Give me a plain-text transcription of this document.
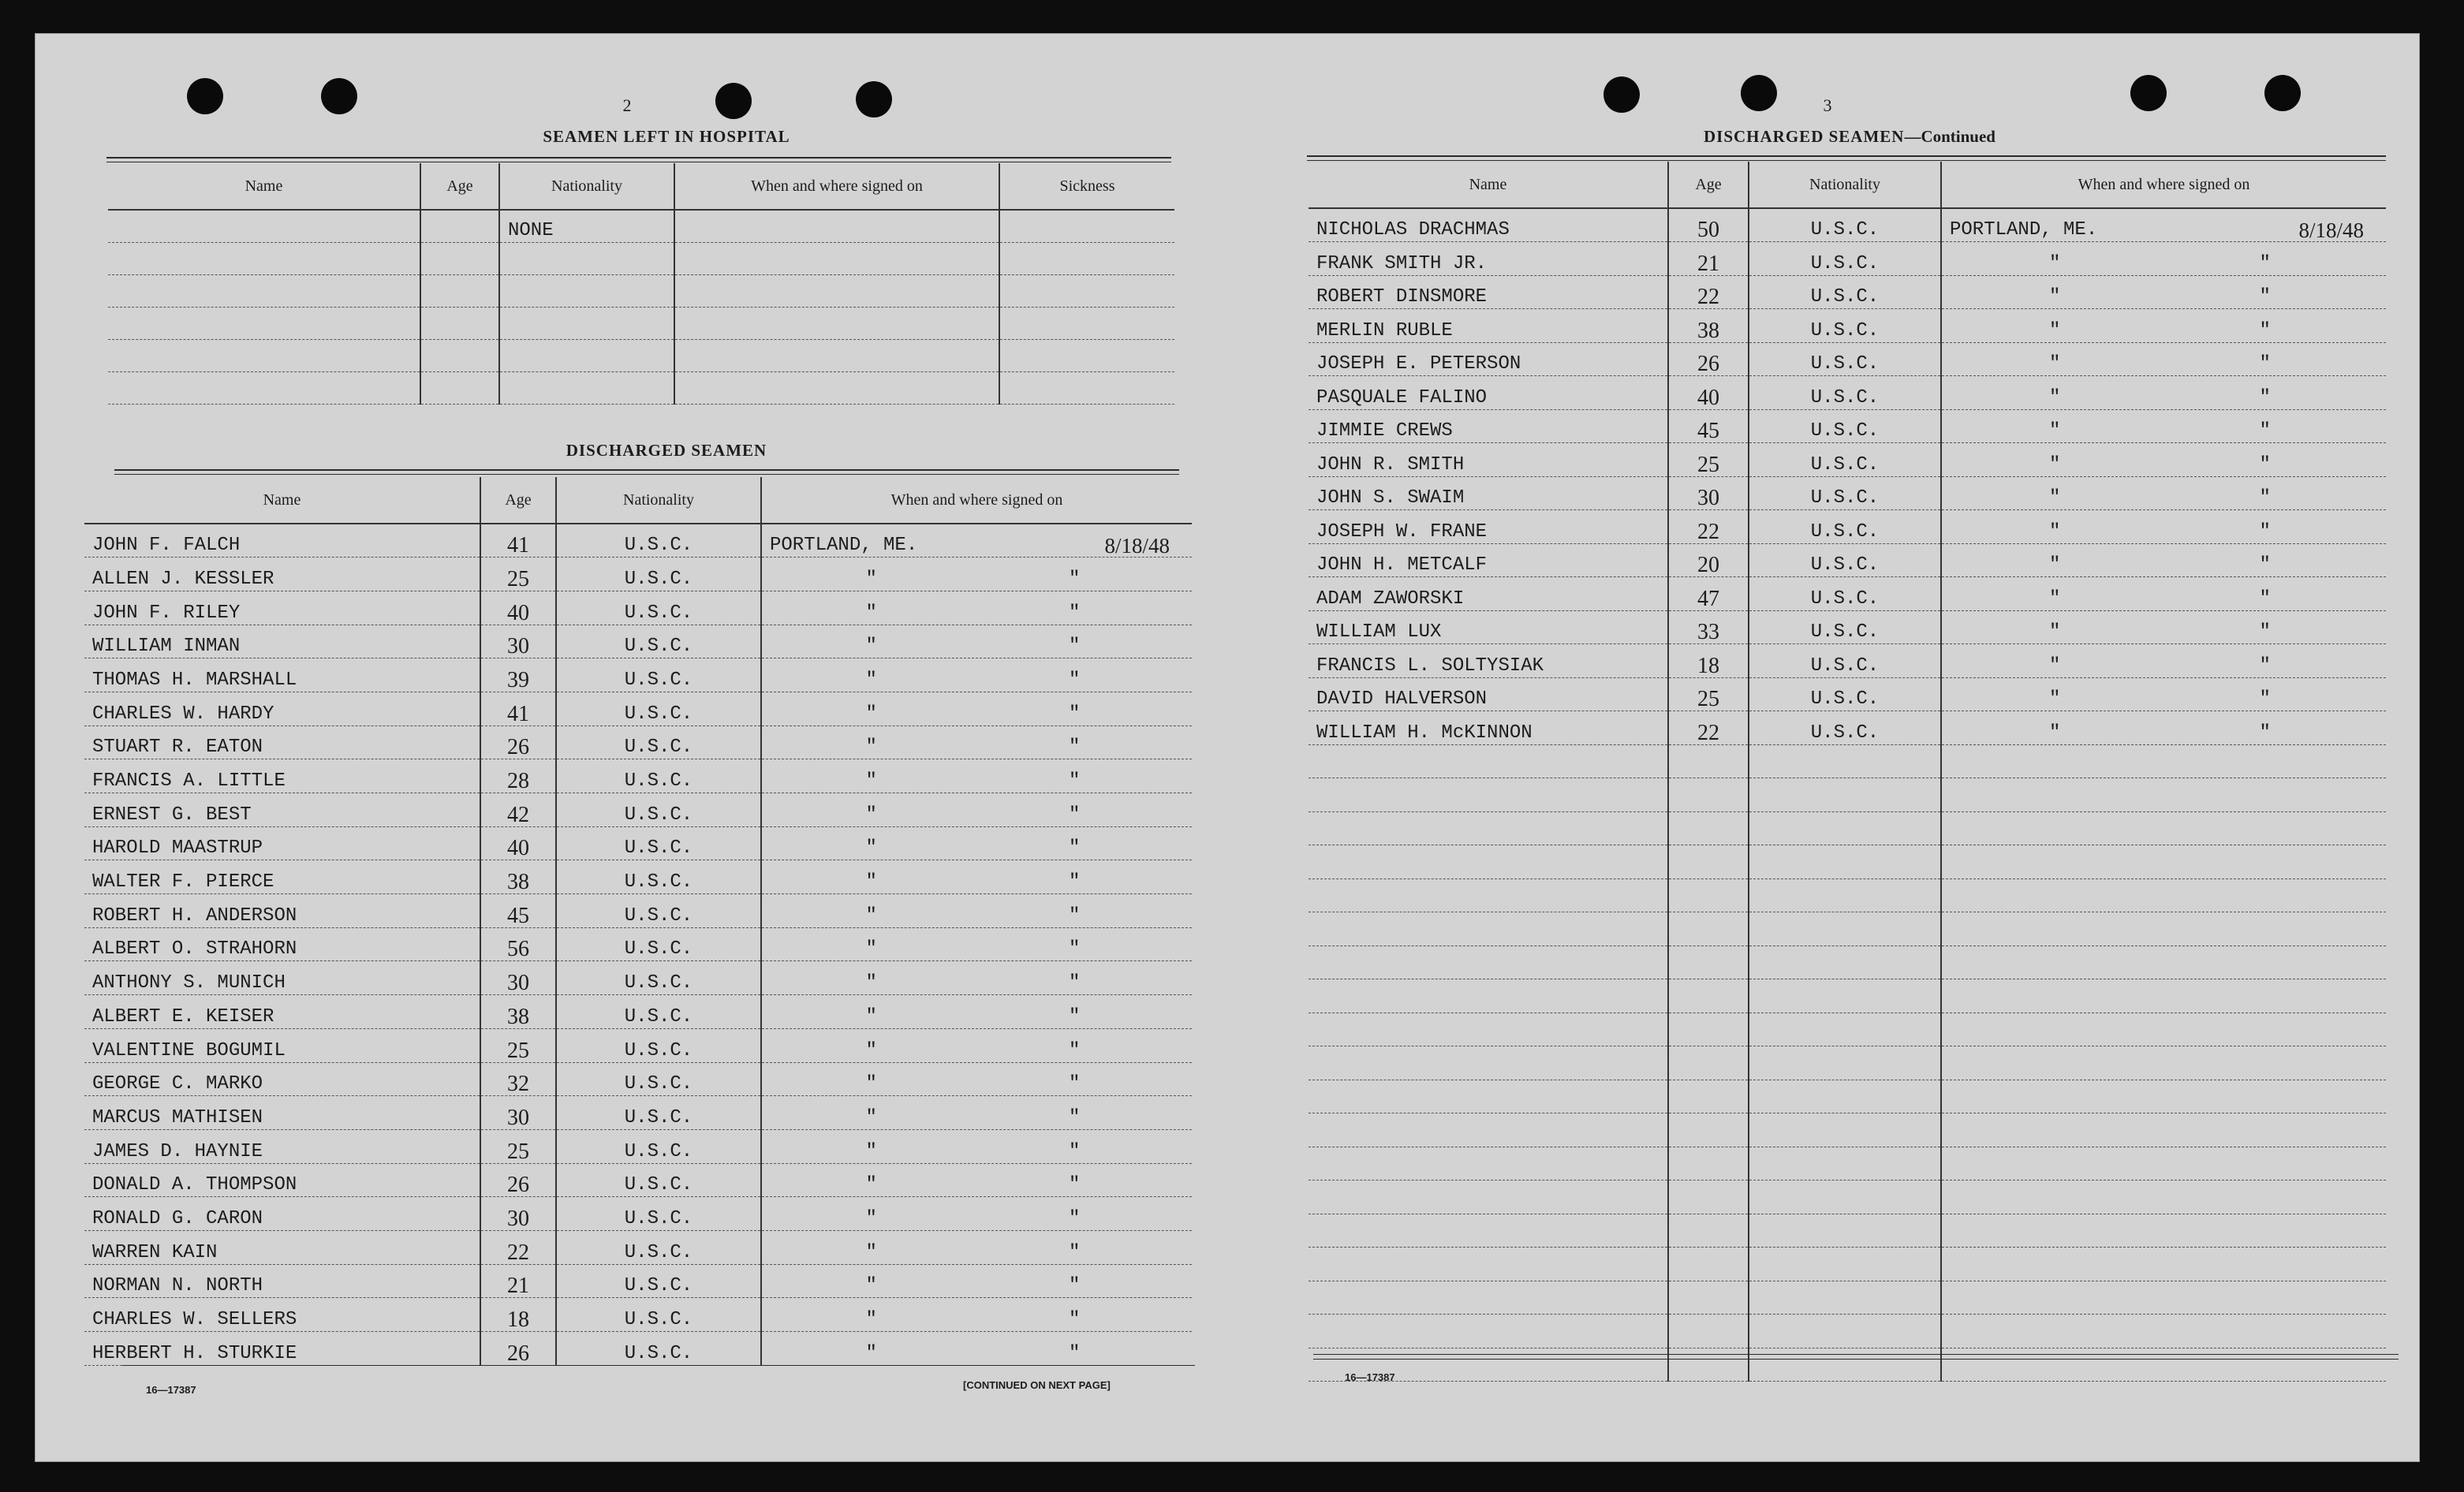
2
SEAMEN LEFT IN HOSPITAL
Name	Age	Nationality	When and where signed on	Sickness
		NONE		

DISCHARGED SEAMEN
Name	Age	Nationality	When and where signed on
JOHN F. FALCH	41	U.S.C.	PORTLAND, ME. 8/18/48

ALLEN J. KESSLER	25	U.S.C.	" "

JOHN F. RILEY	40	U.S.C.	" "

WILLIAM INMAN	30	U.S.C.	" "

THOMAS H. MARSHALL	39	U.S.C.	" "

CHARLES W. HARDY	41	U.S.C.	" "

STUART R. EATON	26	U.S.C.	" "

FRANCIS A. LITTLE	28	U.S.C.	" "

ERNEST G. BEST	42	U.S.C.	" "

HAROLD MAASTRUP	40	U.S.C.	" "

WALTER F. PIERCE	38	U.S.C.	" "

ROBERT H. ANDERSON	45	U.S.C.	" "

ALBERT O. STRAHORN	56	U.S.C.	" "

ANTHONY S. MUNICH	30	U.S.C.	" "

ALBERT E. KEISER	38	U.S.C.	" "

VALENTINE BOGUMIL	25	U.S.C.	" "

GEORGE C. MARKO	32	U.S.C.	" "

MARCUS MATHISEN	30	U.S.C.	" "

JAMES D. HAYNIE	25	U.S.C.	" "

DONALD A. THOMPSON	26	U.S.C.	" "

RONALD G. CARON	30	U.S.C.	" "

WARREN KAIN	22	U.S.C.	" "

NORMAN N. NORTH	21	U.S.C.	" "

CHARLES W. SELLERS	18	U.S.C.	" "

HERBERT H. STURKIE	26	U.S.C.	" "
16—17387	[CONTINUED ON NEXT PAGE]
3
DISCHARGED SEAMEN—Continued
Name	Age	Nationality	When and where signed on
NICHOLAS DRACHMAS	50	U.S.C.	PORTLAND, ME. 8/18/48

FRANK SMITH JR.	21	U.S.C.	" "

ROBERT DINSMORE	22	U.S.C.	" "

MERLIN RUBLE	38	U.S.C.	" "

JOSEPH E. PETERSON	26	U.S.C.	" "

PASQUALE FALINO	40	U.S.C.	" "

JIMMIE CREWS	45	U.S.C.	" "

JOHN R. SMITH	25	U.S.C.	" "

JOHN S. SWAIM	30	U.S.C.	" "

JOSEPH W. FRANE	22	U.S.C.	" "

JOHN H. METCALF	20	U.S.C.	" "

ADAM ZAWORSKI	47	U.S.C.	" "

WILLIAM LUX	33	U.S.C.	" "

FRANCIS L. SOLTYSIAK	18	U.S.C.	" "

DAVID HALVERSON	25	U.S.C.	" "

WILLIAM H. McKINNON	22	U.S.C.	" "

16—17387
